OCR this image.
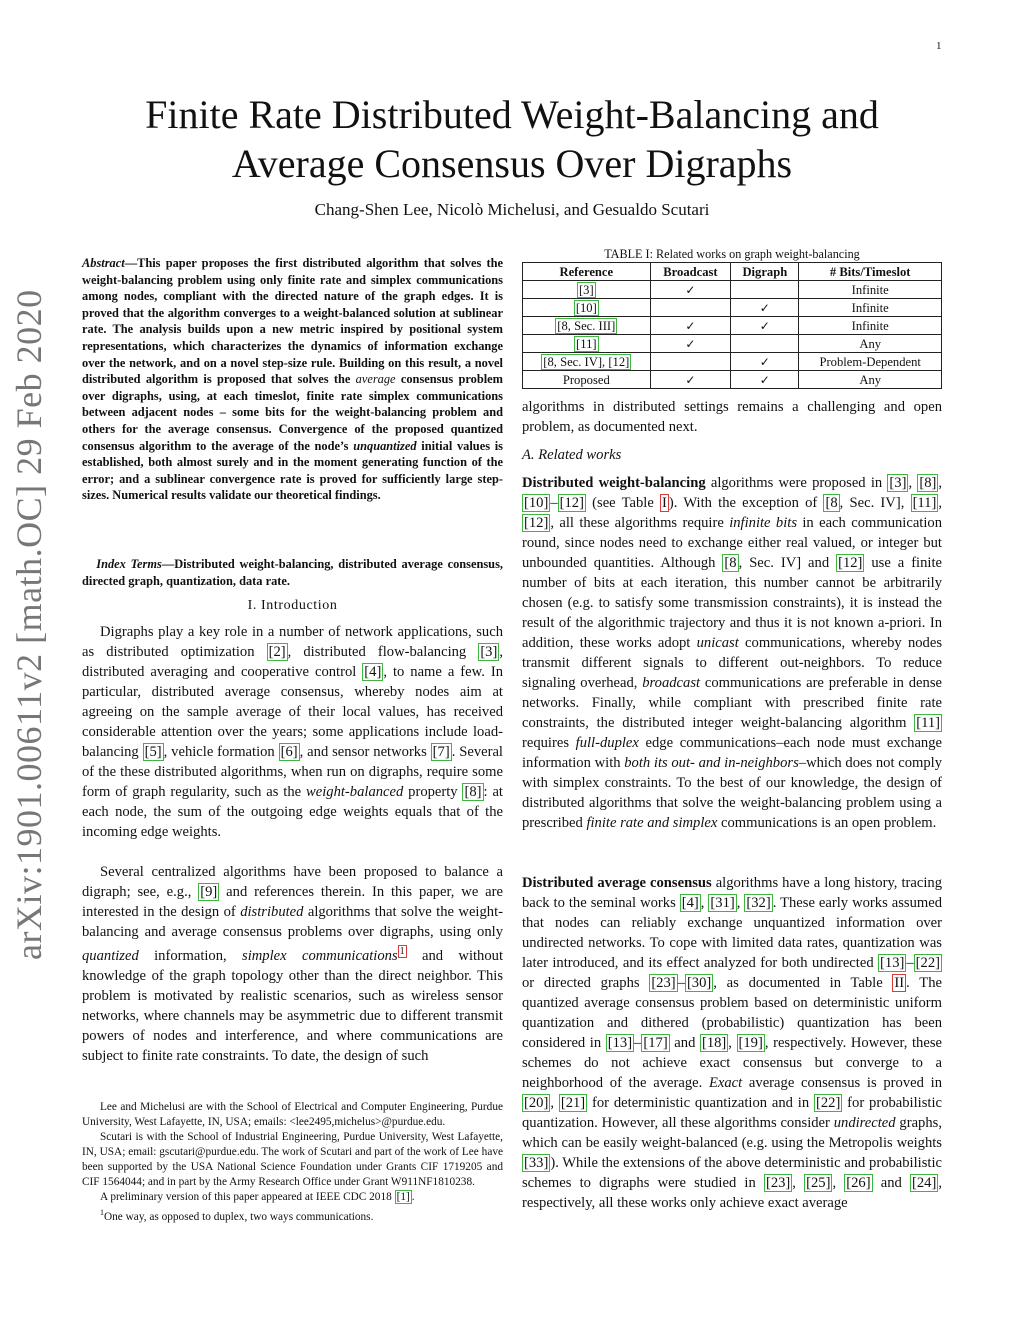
1
arXiv:1901.00611v2 [math.OC] 29 Feb 2020
Finite Rate Distributed Weight-Balancing and
Average Consensus Over Digraphs
Chang-Shen Lee, Nicolò Michelusi, and Gesualdo Scutari
Abstract—This paper proposes the first distributed algorithm that solves the weight-balancing problem using only finite rate and simplex communications among nodes, compliant with the directed nature of the graph edges. It is proved that the algorithm converges to a weight-balanced solution at sublinear rate. The analysis builds upon a new metric inspired by positional system representations, which characterizes the dynamics of information exchange over the network, and on a novel step-size rule. Building on this result, a novel distributed algorithm is proposed that solves the average consensus problem over digraphs, using, at each timeslot, finite rate simplex communications between adjacent nodes – some bits for the weight-balancing problem and others for the average consensus. Convergence of the proposed quantized consensus algorithm to the average of the node’s unquantized initial values is established, both almost surely and in the moment generating function of the error; and a sublinear convergence rate is proved for sufficiently large step-sizes. Numerical results validate our theoretical findings.
Index Terms—Distributed weight-balancing, distributed average consensus, directed graph, quantization, data rate.
I. Introduction

Digraphs play a key role in a number of network applications, such as distributed optimization [2] , distributed flow-balancing [3] , distributed averaging and cooperative control [4] , to name a few. In particular, distributed average consensus, whereby nodes aim at agreeing on the sample average of their local values, has received considerable attention over the years; some applications include load-balancing [5] , vehicle formation [6] , and sensor networks [7] . Several of the these distributed algorithms, when run on digraphs, require some form of graph regularity, such as the weight-balanced property [8] : at each node, the sum of the outgoing edge weights equals that of the incoming edge weights.

Several centralized algorithms have been proposed to balance a digraph; see, e.g., [9] and references therein. In this paper, we are interested in the design of distributed algorithms that solve the weight-balancing and average consensus problems over digraphs, using only quantized information, simplex communications $^1$ and without knowledge of the graph topology other than the direct neighbor. This problem is motivated by realistic scenarios, such as wireless sensor networks, where channels may be asymmetric due to different transmit powers of nodes and interference, and where communications are subject to finite rate constraints. To date, the design of such

Lee and Michelusi are with the School of Electrical and Computer Engineering, Purdue University, West Lafayette, IN, USA; emails: <lee2495,michelus>@purdue.edu.

Scutari is with the School of Industrial Engineering, Purdue University, West Lafayette, IN, USA; email: gscutari@purdue.edu. The work of Scutari and part of the work of Lee have been supported by the USA National Science Foundation under Grants CIF 1719205 and CIF 1564044; and in part by the Army Research Office under Grant W911NF1810238.

A preliminary version of this paper appeared at IEEE CDC 2018 [1] .

$^1$One way, as opposed to duplex, two ways communications.

TABLE I: Related works on graph weight-balancing
Reference	Broadcast	Digraph	# Bits/Timeslot
[3]	✓		Infinite
[10]		✓	Infinite
[8, Sec. III]	✓	✓	Infinite
[11]	✓		Any
[8, Sec. IV], [12]		✓	Problem-Dependent
Proposed	✓	✓	Any
algorithms in distributed settings remains a challenging and open problem, as documented next.
A. Related works

Distributed weight-balancing algorithms were proposed in [3] , [8] , [10] – [12] (see Table I ). With the exception of [8 , Sec. IV], [11] , [12] , all these algorithms require infinite bits in each communication round, since nodes need to exchange either real valued, or integer but unbounded quantities. Although [8 , Sec. IV] and [12] use a finite number of bits at each iteration, this number cannot be arbitrarily chosen (e.g. to satisfy some transmission constraints), it is instead the result of the algorithmic trajectory and thus it is not known a-priori. In addition, these works adopt unicast communications, whereby nodes transmit different signals to different out-neighbors. To reduce signaling overhead, broadcast communications are preferable in dense networks. Finally, while compliant with prescribed finite rate constraints, the distributed integer weight-balancing algorithm [11] requires full-duplex edge communications–each node must exchange information with both its out- and in-neighbors–which does not comply with simplex constraints. To the best of our knowledge, the design of distributed algorithms that solve the weight-balancing problem using a prescribed finite rate and simplex communications is an open problem.

Distributed average consensus algorithms have a long history, tracing back to the seminal works [4] , [31] , [32] . These early works assumed that nodes can reliably exchange unquantized information over undirected networks. To cope with limited data rates, quantization was later introduced, and its effect analyzed for both undirected [13] – [22] or directed graphs [23] – [30] , as documented in Table II . The quantized average consensus problem based on deterministic uniform quantization and dithered (probabilistic) quantization has been considered in [13] – [17] and [18] , [19] , respectively. However, these schemes do not achieve exact consensus but converge to a neighborhood of the average. Exact average consensus is proved in [20] , [21] for deterministic quantization and in [22] for probabilistic quantization. However, all these algorithms consider undirected graphs, which can be easily weight-balanced (e.g. using the Metropolis weights [33] ). While the extensions of the above deterministic and probabilistic schemes to digraphs were studied in [23] , [25] , [26] and [24] , respectively, all these works only achieve exact average
